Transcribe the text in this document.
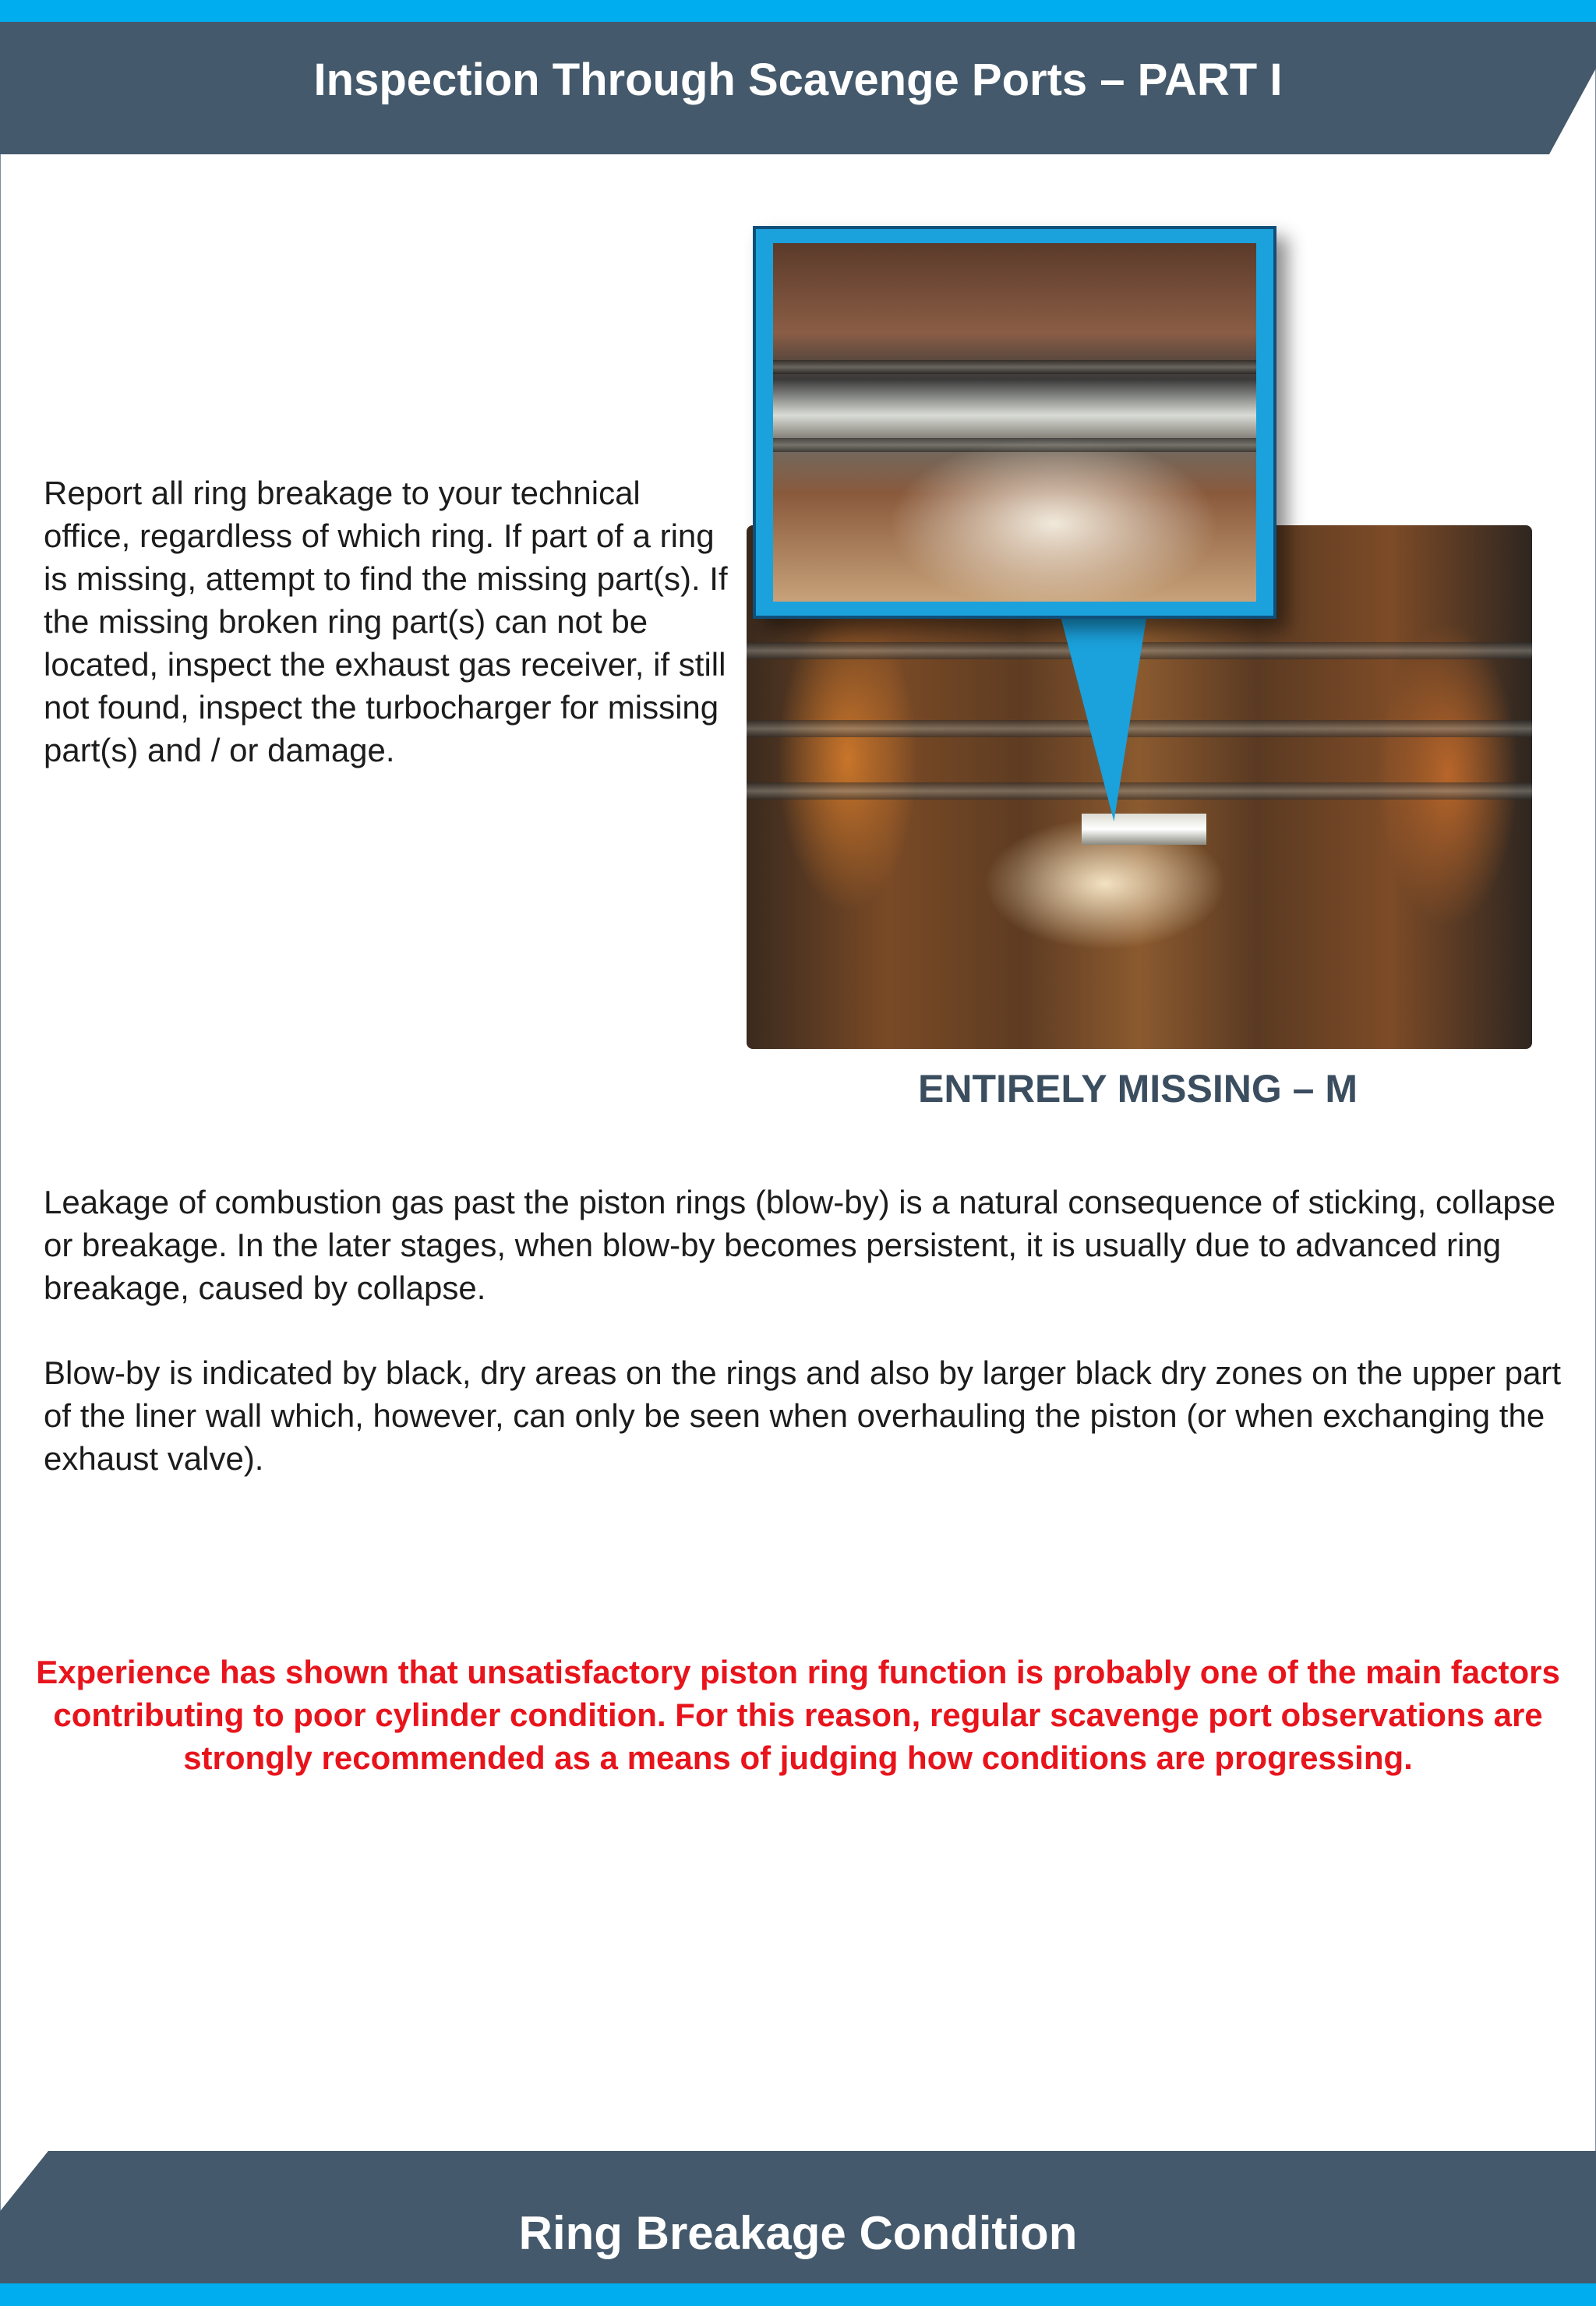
Inspection Through Scavenge Ports – PART I

Report all ring breakage to your technical office, regardless of which ring. If part of a ring is missing, attempt to find the missing part(s). If the missing broken ring part(s) can not be located, inspect the exhaust gas receiver, if still not found, inspect the turbocharger for missing part(s) and / or damage.

ENTIRELY MISSING – M

Leakage of combustion gas past the piston rings (blow-by) is a natural consequence of sticking, collapse or breakage. In the later stages, when blow-by becomes persistent, it is usually due to advanced ring breakage, caused by collapse.

Blow-by is indicated by black, dry areas on the rings and also by larger black dry zones on the upper part of the liner wall which, however, can only be seen when overhauling the piston (or when exchanging the exhaust valve).

Experience has shown that unsatisfactory piston ring function is probably one of the main factors contributing to poor cylinder condition. For this reason, regular scavenge port observations are strongly recommended as a means of judging how conditions are progressing.

Ring Breakage Condition
